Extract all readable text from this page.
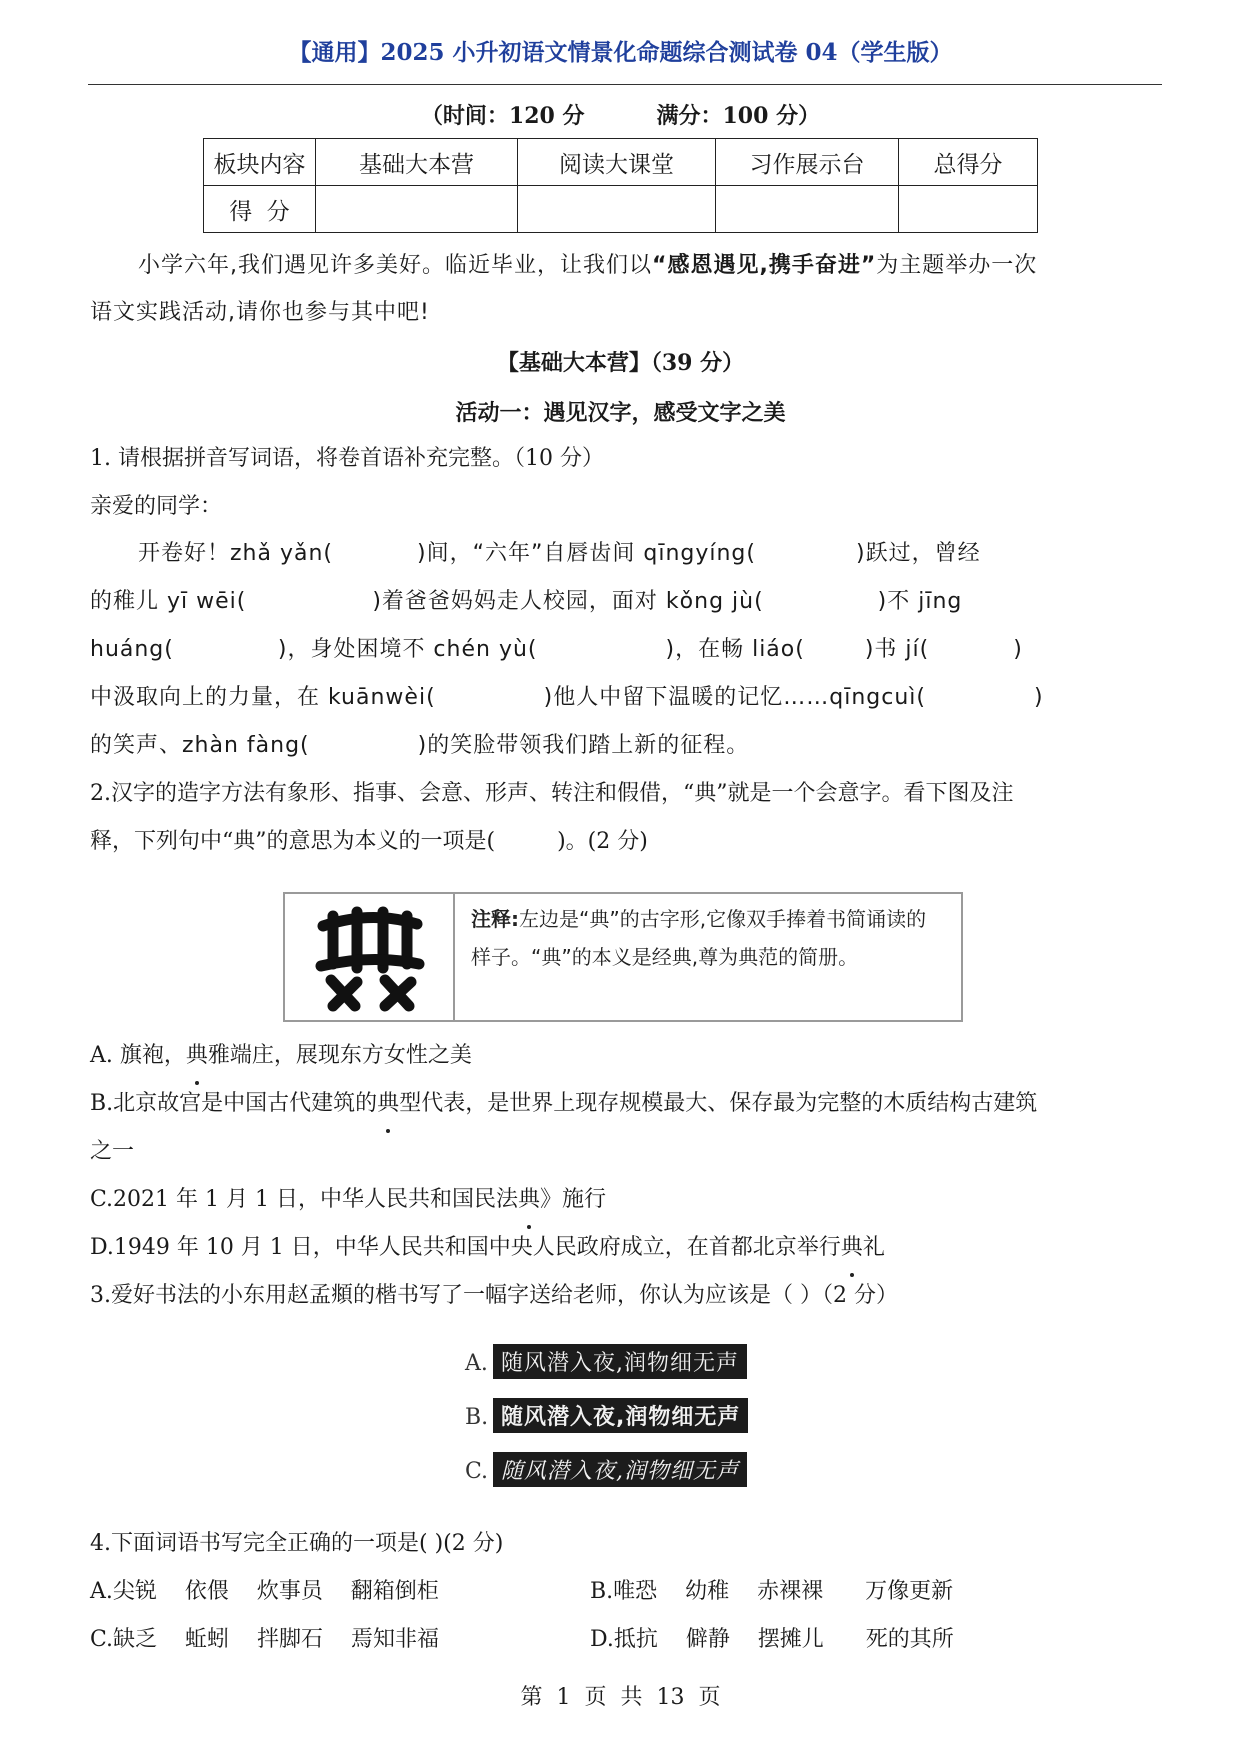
【通用】2025 小升初语文情景化命题综合测试卷 04（学生版）
（时间：120 分	满分：100 分）
板块内容	基础大本营	阅读大课堂	习作展示台	总得分
得  分				
小学六年,我们遇见许多美好。临近毕业，让我们以“感恩遇见,携手奋进”为主题举办一次
语文实践活动,请你也参与其中吧!
【基础大本营】（39 分）
活动一：遇见汉字，感受文字之美
1. 请根据拼音写词语，将卷首语补充完整。（10 分）
亲爱的同学：
开卷好！zhǎ yǎn(	)间，“六年”自唇齿间 qīngyíng(	)跃过，曾经
的稚儿 yī wēi(	)着爸爸妈妈走人校园，面对 kǒng jù(	)不 jīng
huáng(	)，身处困境不 chén yù(	)，在畅 liáo(	)书 jí(	)
中汲取向上的力量，在 kuānwèi(	)他人中留下温暖的记忆……qīngcuì(	)
的笑声、zhàn fàng(	)的笑脸带领我们踏上新的征程。
2.汉字的造字方法有象形、指事、会意、形声、转注和假借，“典”就是一个会意字。看下图及注
释，下列句中“典”的意思为本义的一项是(	)。(2 分)
注释:左边是“典”的古字形,它像双手捧着书简诵读的样子。“典”的本义是经典,尊为典范的简册。
A. 旗袍，典雅端庄，展现东方女性之美
B.北京故宫是中国古代建筑的典型代表，是世界上现存规模最大、保存最为完整的木质结构古建筑
之一
C.2021 年 1 月 1 日，中华人民共和国民法典》施行
D.1949 年 10 月 1 日，中华人民共和国中央人民政府成立，在首都北京举行典礼
3.爱好书法的小东用赵孟頫的楷书写了一幅字送给老师，你认为应该是（ ）（2 分）
A. 随风潜入夜,润物细无声
B. 随风潜入夜,润物细无声
C. 随风潜入夜,润物细无声
4.下面词语书写完全正确的一项是( )(2 分)
A.尖锐    依偎    炊事员    翻箱倒柜	B.唯恐    幼稚    赤裸裸      万像更新
C.缺乏    蚯蚓    拌脚石    焉知非福	D.抵抗    僻静    摆摊儿      死的其所
第  1  页  共  13  页
